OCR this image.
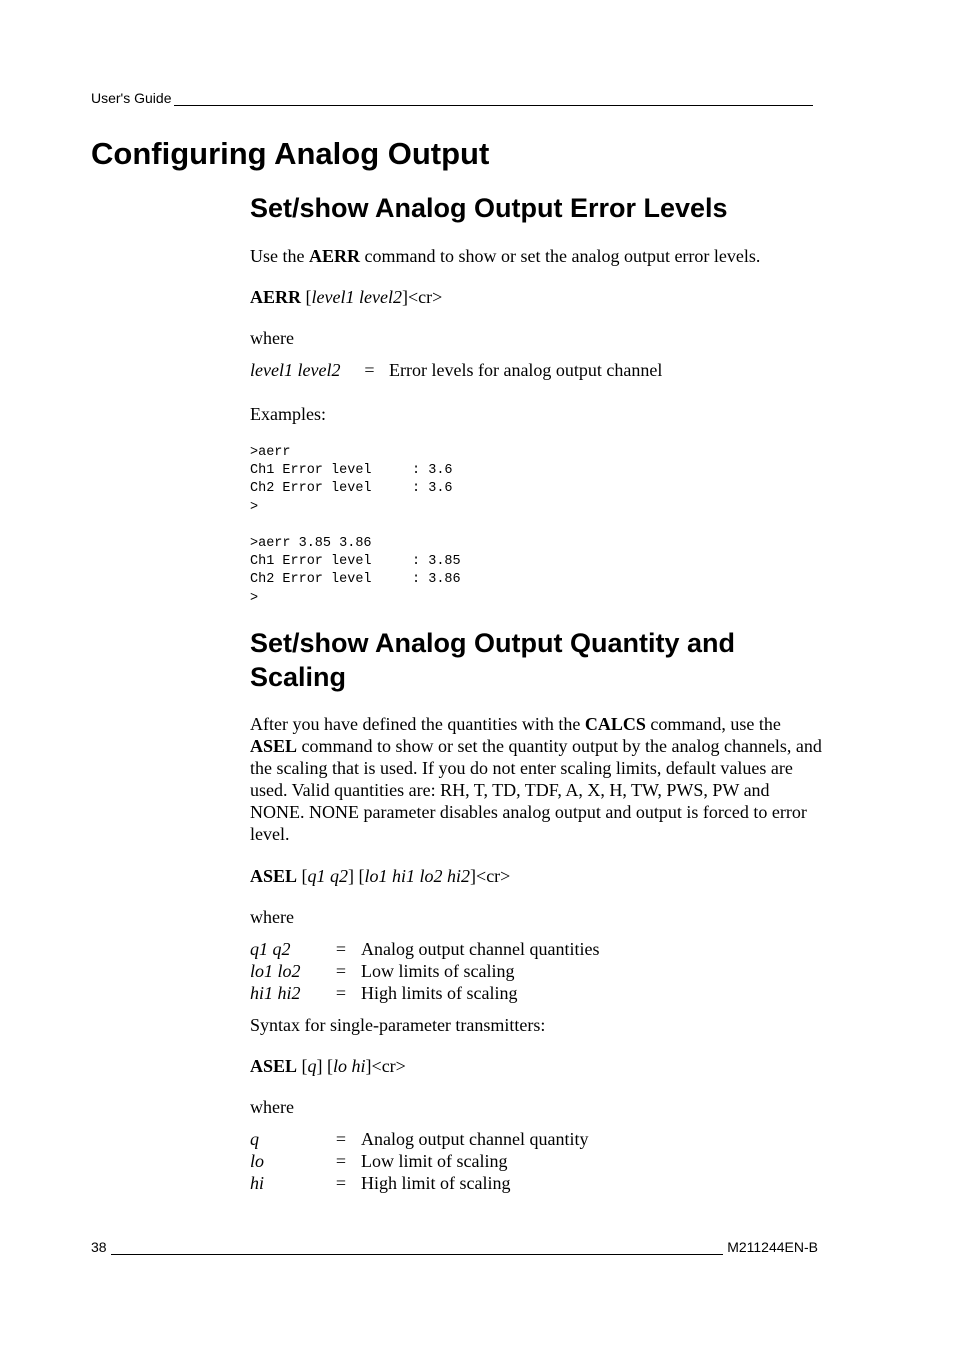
User's Guide
Configuring Analog Output
Set/show Analog Output Error Levels

Use the AERR command to show or set the analog output error levels.

AERR [level1 level2]<cr>

where

level1 level2 = Error levels for analog output channel

Examples:

>aerr
Ch1 Error level     : 3.6
Ch2 Error level     : 3.6
>

>aerr 3.85 3.86
Ch1 Error level     : 3.85
Ch2 Error level     : 3.86
>
Set/show Analog Output Quantity and Scaling

After you have defined the quantities with the CALCS command, use the ASEL command to show or set the quantity output by the analog channels, and the scaling that is used. If you do not enter scaling limits, default values are used. Valid quantities are: RH, T, TD, TDF, A, X, H, TW, PWS, PW and NONE. NONE parameter disables analog output and output is forced to error level.

ASEL [q1 q2] [lo1 hi1 lo2 hi2]<cr>

where

q1 q2	= Analog output channel quantities
lo1 lo2 = Low limits of scaling
hi1 hi2 = High limits of scaling

Syntax for single-parameter transmitters:

ASEL [q] [lo hi]<cr>

where

q	= Analog output channel quantity
lo	= Low limit of scaling
hi	= High limit of scaling
38	M211244EN-B
